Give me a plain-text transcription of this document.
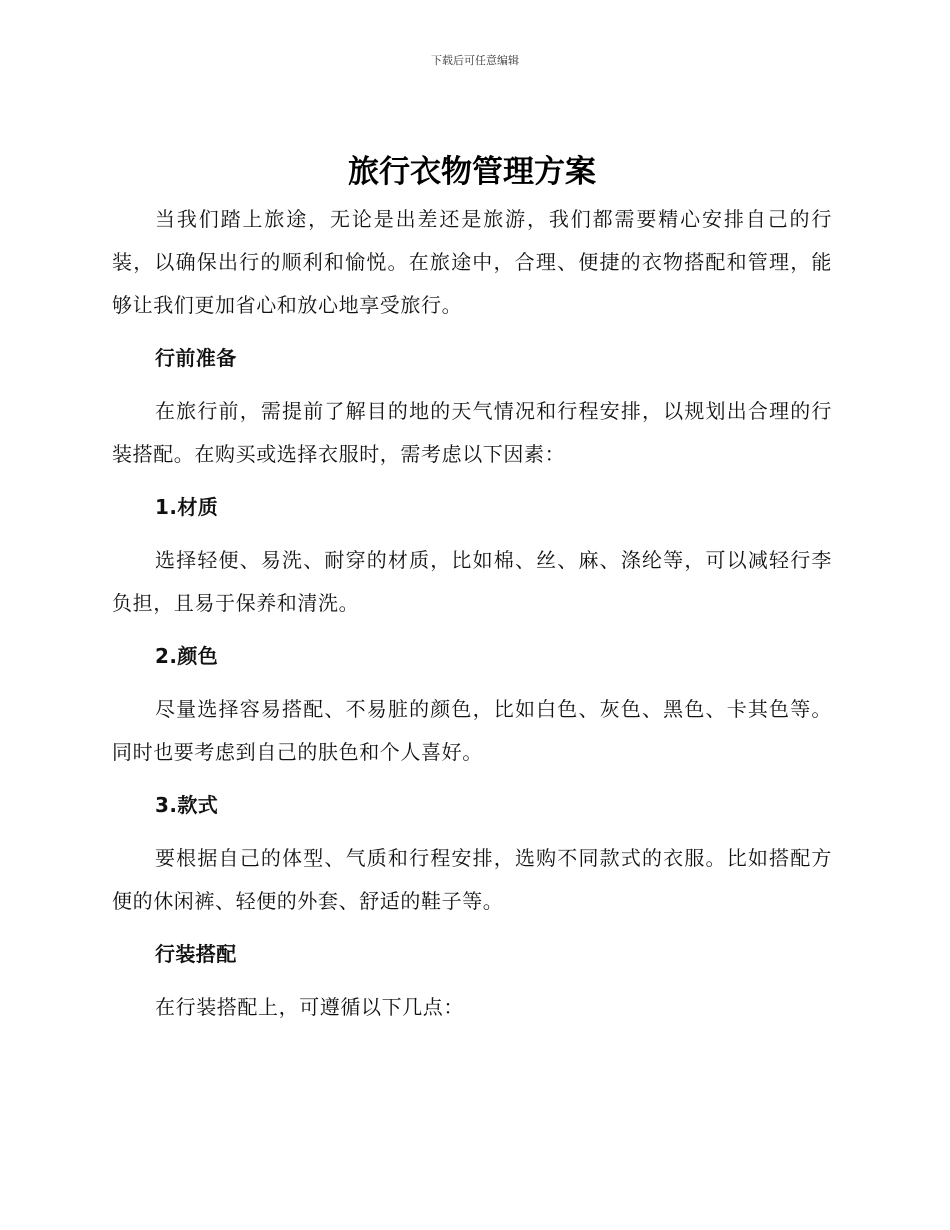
下载后可任意编辑
旅行衣物管理方案

当我们踏上旅途，无论是出差还是旅游，我们都需要精心安排自己的行装，以确保出行的顺利和愉悦。在旅途中，合理、便捷的衣物搭配和管理，能够让我们更加省心和放心地享受旅行。

行前准备

在旅行前，需提前了解目的地的天气情况和行程安排，以规划出合理的行装搭配。在购买或选择衣服时，需考虑以下因素：

1.材质

选择轻便、易洗、耐穿的材质，比如棉、丝、麻、涤纶等，可以减轻行李负担，且易于保养和清洗。

2.颜色

尽量选择容易搭配、不易脏的颜色，比如白色、灰色、黑色、卡其色等。同时也要考虑到自己的肤色和个人喜好。

3.款式

要根据自己的体型、气质和行程安排，选购不同款式的衣服。比如搭配方便的休闲裤、轻便的外套、舒适的鞋子等。

行装搭配

在行装搭配上，可遵循以下几点：
